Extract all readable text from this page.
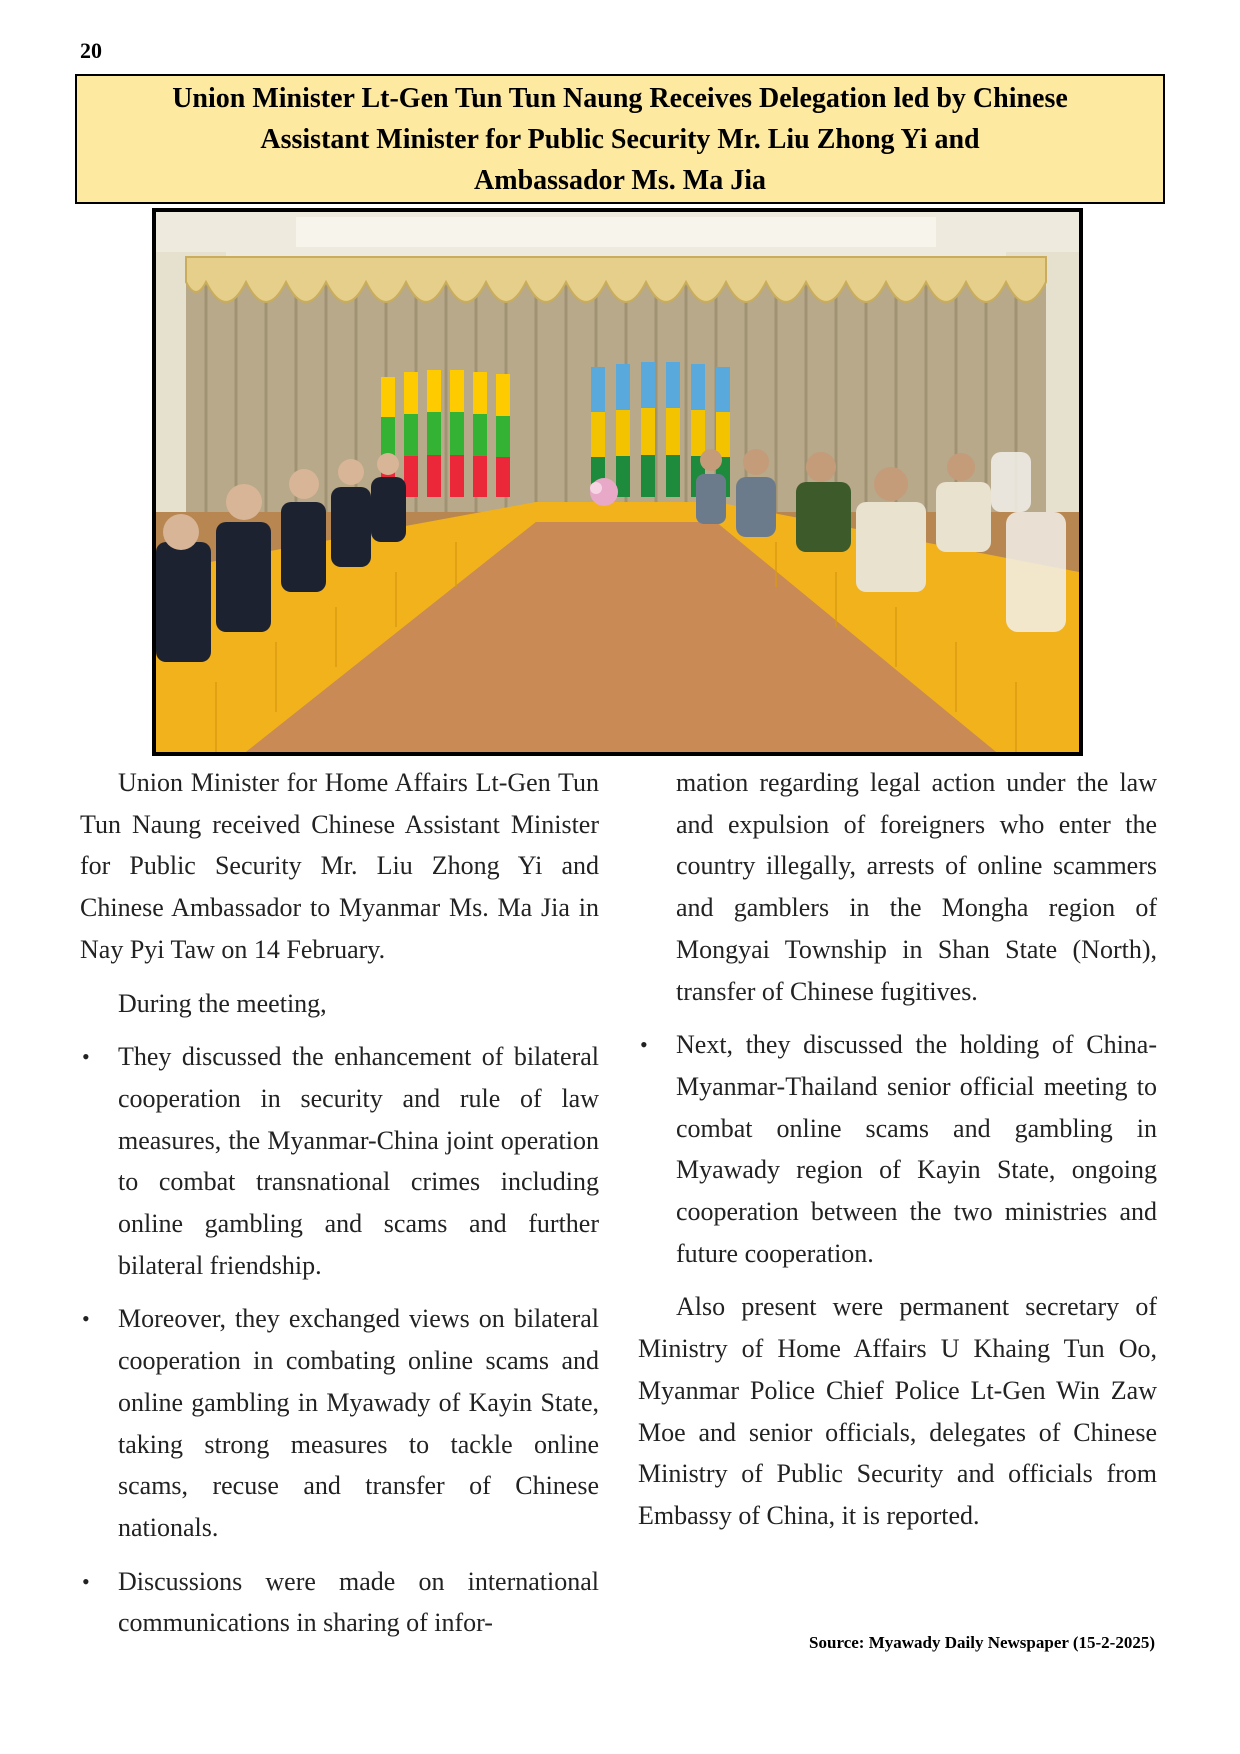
20
Union Minister Lt-Gen Tun Tun Naung Receives Delegation led by Chinese
Assistant Minister for Public Security Mr. Liu Zhong Yi and
Ambassador Ms. Ma Jia

Union Minister for Home Affairs Lt-Gen Tun Tun Naung received Chinese Assistant Minister for Public Security Mr. Liu Zhong Yi and Chinese Ambassador to Myanmar Ms. Ma Jia in Nay Pyi Taw on 14 February.

During the meeting,

• They discussed the enhancement of bilateral cooperation in security and rule of law measures, the Myanmar-China joint operation to combat transnational crimes including online gambling and scams and further bilateral friendship.
• Moreover, they exchanged views on bilateral cooperation in combating online scams and online gambling in Myawady of Kayin State, taking strong measures to tackle online scams, recuse and transfer of Chinese nationals.
• Discussions were made on international communications in sharing of infor-

mation regarding legal action under the law and expulsion of foreigners who enter the country illegally, arrests of online scammers and gamblers in the Mongha region of Mongyai Township in Shan State (North), transfer of Chinese fugitives.

• Next, they discussed the holding of China-Myanmar-Thailand senior official meeting to combat online scams and gambling in Myawady region of Kayin State, ongoing cooperation between the two ministries and future cooperation.

Also present were permanent secretary of Ministry of Home Affairs U Khaing Tun Oo, Myanmar Police Chief Police Lt-Gen Win Zaw Moe and senior officials, delegates of Chinese Ministry of Public Security and officials from Embassy of China, it is reported.

Source: Myawady Daily Newspaper (15-2-2025)
